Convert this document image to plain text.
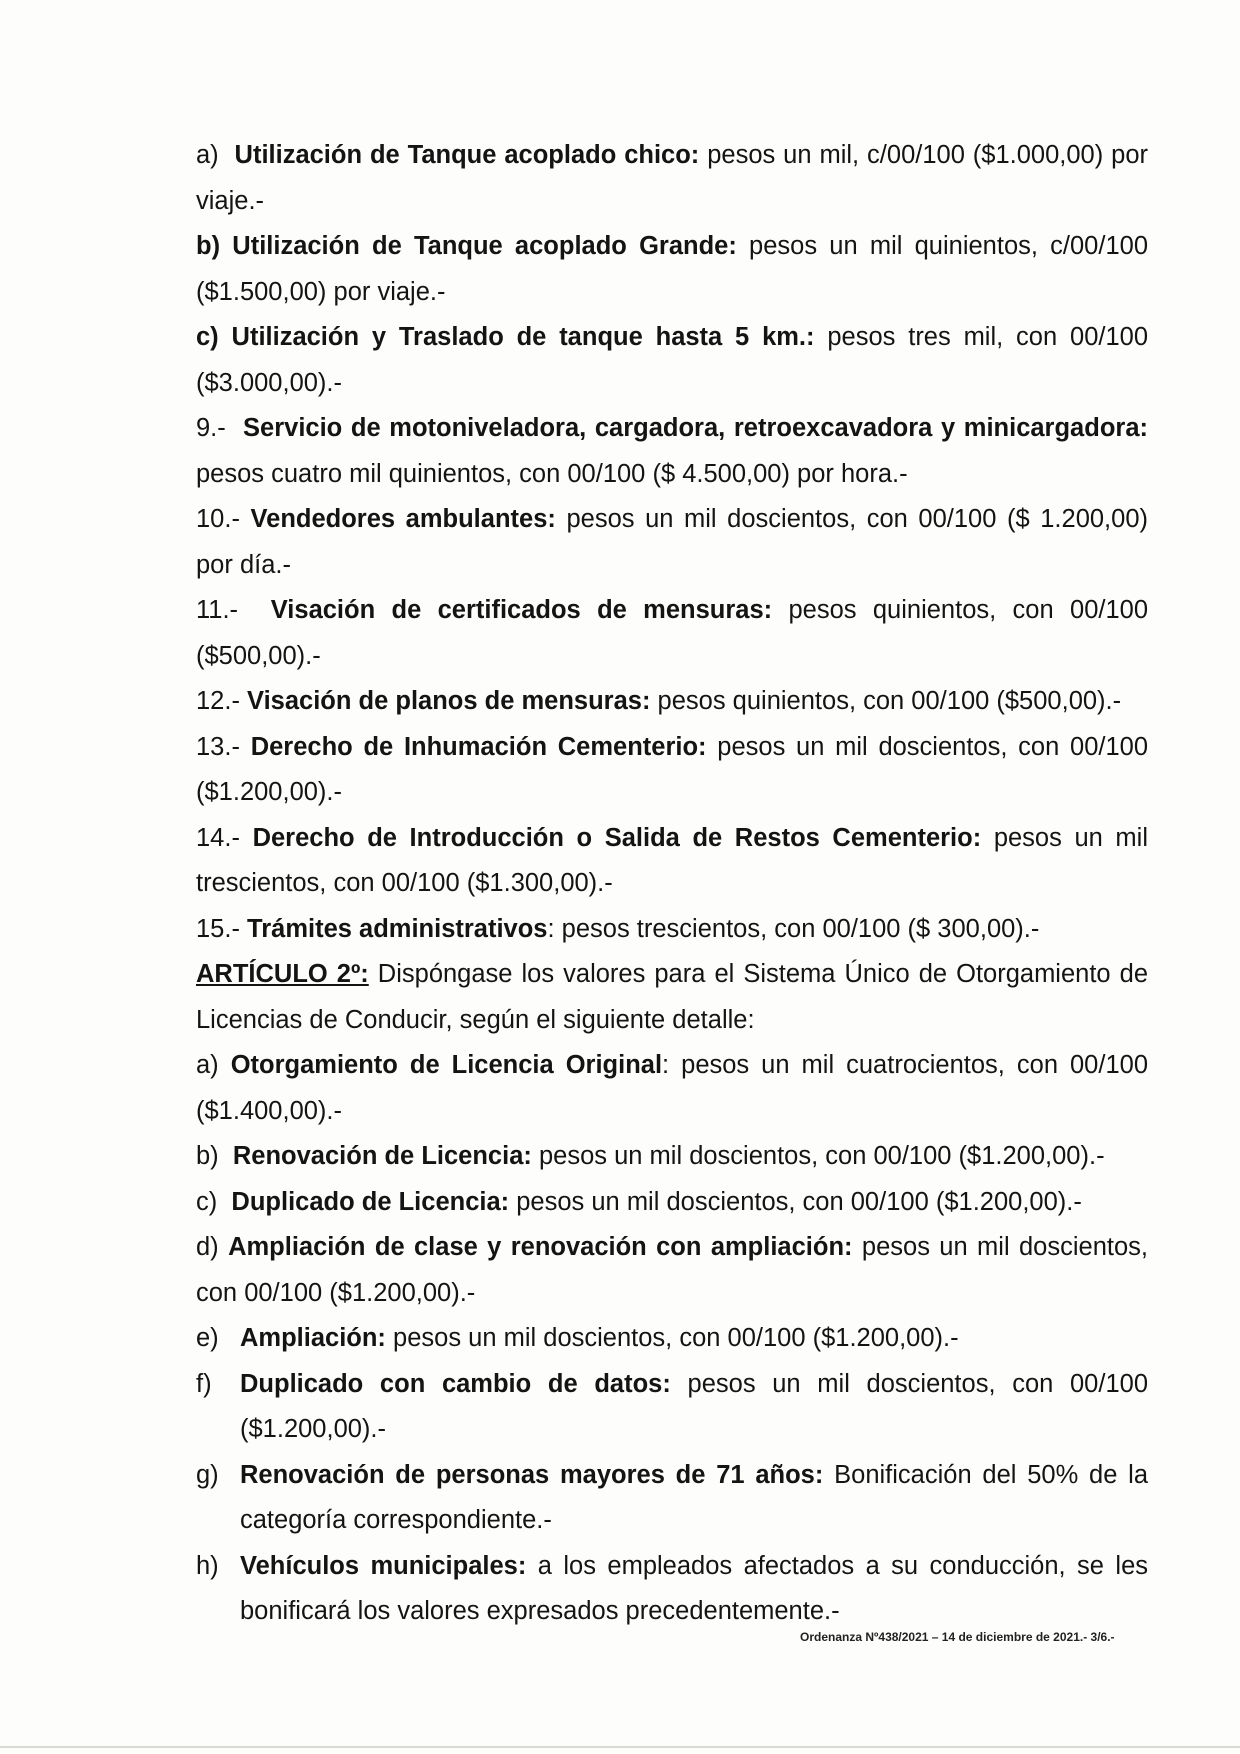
a) Utilización de Tanque acoplado chico: pesos un mil, c/00/100 ($1.000,00) por viaje.-

b) Utilización de Tanque acoplado Grande: pesos un mil quinientos, c/00/100 ($1.500,00) por viaje.-

c) Utilización y Traslado de tanque hasta 5 km.: pesos tres mil, con 00/100 ($3.000,00).-

9.- Servicio de motoniveladora, cargadora, retroexcavadora y minicargadora: pesos cuatro mil quinientos, con 00/100 ($ 4.500,00) por hora.-

10.- Vendedores ambulantes: pesos un mil doscientos, con 00/100 ($ 1.200,00) por día.-

11.- Visación de certificados de mensuras: pesos quinientos, con 00/100 ($500,00).-

12.- Visación de planos de mensuras: pesos quinientos, con 00/100 ($500,00).-

13.- Derecho de Inhumación Cementerio: pesos un mil doscientos, con 00/100 ($1.200,00).-

14.- Derecho de Introducción o Salida de Restos Cementerio: pesos un mil trescientos, con 00/100 ($1.300,00).-

15.- Trámites administrativos: pesos trescientos, con 00/100 ($ 300,00).-

ARTÍCULO 2º: Dispóngase los valores para el Sistema Único de Otorgamiento de Licencias de Conducir, según el siguiente detalle:

a) Otorgamiento de Licencia Original: pesos un mil cuatrocientos, con 00/100 ($1.400,00).-

b) Renovación de Licencia: pesos un mil doscientos, con 00/100 ($1.200,00).-

c) Duplicado de Licencia: pesos un mil doscientos, con 00/100 ($1.200,00).-

d) Ampliación de clase y renovación con ampliación: pesos un mil doscientos, con 00/100 ($1.200,00).-

e) Ampliación: pesos un mil doscientos, con 00/100 ($1.200,00).-

f) Duplicado con cambio de datos: pesos un mil doscientos, con 00/100 ($1.200,00).-

g) Renovación de personas mayores de 71 años: Bonificación del 50% de la categoría correspondiente.-

h) Vehículos municipales: a los empleados afectados a su conducción, se les bonificará los valores expresados precedentemente.-

Ordenanza Nº438/2021 – 14 de diciembre de 2021.- 3/6.-
